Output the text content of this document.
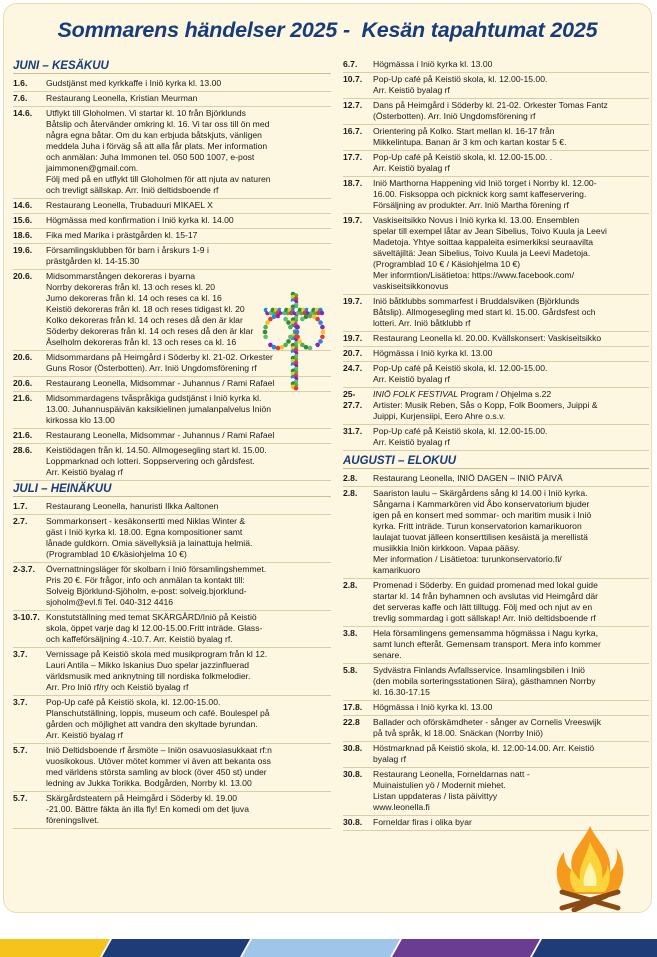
Sommarens händelser 2025 -  Kesän tapahtumat 2025
JUNI – KESÄKUU
1.6.	Gudstjänst med kyrkkaffe i Iniö kyrka kl. 13.00
7.6.	Restaurang Leonella, Kristian Meurman
14.6.	Utflykt till Gloholmen. Vi startar kl. 10 från Björklunds
Båtslip och återvänder omkring kl. 16. Vi tar oss till ön med
några egna båtar. Om du kan erbjuda båtskjuts, vänligen
meddela Juha i förväg så att alla får plats. Mer information
och anmälan: Juha Immonen tel. 050 500 1007, e-post
jaimmonen@gmail.com.
Följ med på en utflykt till Gloholmen för att njuta av naturen
och trevligt sällskap. Arr. Iniö deltidsboende rf
14.6.	Restaurang Leonella, Trubaduuri MIKAEL X
15.6.	Högmässa med konfirmation i Iniö kyrka kl. 14.00
18.6.	Fika med Marika i prästgården kl. 15-17
19.6.	Församlingsklubben för barn i årskurs 1-9 i
prästgården kl. 14-15.30
20.6.	Midsommarstången dekoreras i byarna
Norrby dekoreras från kl. 13 och reses kl. 20
Jumo dekoreras från kl. 14 och reses ca kl. 16
Keistiö dekoreras från kl. 18 och reses tidigast kl. 20
Kolko dekoreras från kl. 14 och reses då den är klar
Söderby dekoreras från kl. 14 och reses då den är klar
Åselholm dekoreras från kl. 13 och reses ca kl. 16
20.6.	Midsommardans på Heimgård i Söderby kl. 21-02. Orkester
Guns Rosor (Österbotten). Arr. Iniö Ungdomsförening rf
20.6.	Restaurang Leonella, Midsommar - Juhannus / Rami Rafael
21.6.	Midsommardagens tvåspråkiga gudstjänst i Iniö kyrka kl.
13.00. Juhannuspäivän kaksikielinen jumalanpalvelus Iniön
kirkossa klo 13.00
21.6.	Restaurang Leonella, Midsommar - Juhannus / Rami Rafael
28.6.	Keistiödagen från kl. 14.50. Allmogesegling start kl. 15.00.
Loppmarknad och lotteri. Soppservering och gårdsfest.
Arr. Keistiö byalag rf
JULI – HEINÄKUU
1.7.	Restaurang Leonella, hanuristi Ilkka Aaltonen
2.7.	Sommarkonsert - kesäkonsertti med Niklas Winter &
gäst i Iniö kyrka kl. 18.00. Egna kompositioner samt
lånade guldkorn. Omia sävellyksiä ja lainattuja helmiä.
(Programblad 10 €/käsiohjelma 10 €)
2-3.7.	Övernattningsläger för skolbarn i Iniö församlingshemmet.
Pris 20 €. För frågor, info och anmälan ta kontakt till:
Solveig Björklund-Sjöholm, e-post: solveig.bjorklund-
sjoholm@evl.fi Tel. 040-312 4416
3-10.7. Konstutställning med temat SKÄRGÅRD/Iniö på Keistiö
skola, öppet varje dag kl 12.00-15.00.Fritt inträde. Glass-
och kaffeförsäljning 4.-10.7. Arr. Keistiö byalag rf.
3.7.	Vernissage på Keistiö skola med musikprogram från kl 12.
Lauri Antila – Mikko Iskanius Duo spelar jazzinfluerad
världsmusik med anknytning till nordiska folkmelodier.
Arr. Pro Iniö rf/ry och Keistiö byalag rf
3.7.	Pop-Up café på Keistiö skola, kl. 12.00-15.00.
Planschutställning, loppis, museum och café. Boulespel på
gården och möjlighet att vandra den skyltade byrundan.
Arr. Keistiö byalag rf
5.7.	Iniö Deltidsboende rf årsmöte – Iniön osavuosiasukkaat rf:n
vuosikokous. Utöver mötet kommer vi även att bekanta oss
med världens största samling av block (över 450 st) under
ledning av Jukka Torikka. Bodgården, Norrby kl. 13.00
5.7.	Skärgårdsteatern på Heimgård i Söderby kl. 19.00
-21.00. Bättre fäkta än illa fly! En komedi om det ljuva
föreningslivet.
6.7.	Högmässa i Iniö kyrka kl. 13.00
10.7.	Pop-Up café på Keistiö skola, kl. 12.00-15.00.
Arr. Keistiö byalag rf
12.7.	Dans på Heimgård i Söderby kl. 21-02. Orkester Tomas Fantz
(Österbotten). Arr. Iniö Ungdomsförening rf
16.7.	Orientering på Kolko. Start mellan kl. 16-17 från
Mikkelintupa. Banan är 3 km och kartan kostar 5 €.
17.7.	Pop-Up café på Keistiö skola, kl. 12.00-15.00. .
Arr. Keistiö byalag rf
18.7.	Iniö Marthorna Happening vid Iniö torget i Norrby kl. 12.00-
16.00. Fisksoppa och picknick korg samt kaffeservering.
Försäljning av produkter. Arr. Iniö Martha förening rf
19.7.	Vaskiseitsikko Novus i Iniö kyrka kl. 13.00. Ensemblen
spelar till exempel låtar av Jean Sibelius, Toivo Kuula ja Leevi
Madetoja. Yhtye soittaa kappaleita esimerkiksi seuraavilta
säveltäjiltä: Jean Sibelius, Toivo Kuula ja Leevi Madetoja.
(Programblad 10 € / Käsiohjelma 10 €)
Mer informtion/Lisätietoa: https://www.facebook.com/
vaskiseitsikkonovus
19.7.	Iniö båtklubbs sommarfest i Bruddalsviken (Björklunds
Båtslip). Allmogesegling med start kl. 15.00. Gårdsfest och
lotteri. Arr. Iniö båtklubb rf
19.7.	Restaurang Leonella kl. 20.00. Kvällskonsert: Vaskiseitsikko
20.7.	Högmässa i Iniö kyrka kl. 13.00
24.7.	Pop-Up café på Keistiö skola, kl. 12.00-15.00.
Arr. Keistiö byalag rf
25-27.7.
INIÖ FOLK FESTIVAL Program / Ohjelma s.22
Artister: Musik Reben, Sås o Kopp, Folk Boomers, Juippi &
Juippi, Kurjensiipi, Eero Ahre o.s.v.
31.7.	Pop-Up café på Keistiö skola, kl. 12.00-15.00.
Arr. Keistiö byalag rf
AUGUSTI – ELOKUU
2.8.	Restaurang Leonella, INIÖ DAGEN – INIÖ PÄIVÄ
2.8.	Saariston laulu – Skärgårdens sång kl 14.00 i Iniö kyrka.
Sångarna i Kammarkören vid Åbo konservatorium bjuder
igen på en konsert med sommar- och maritim musik i Iniö
kyrka. Fritt inträde. Turun konservatorion kamarikuoron
laulajat tuovat jälleen konserttilisen kesäistä ja merellistä
musiikkia Iniön kirkkoon. Vapaa pääsy.
Mer information / Lisätietoa: turunkonservatorio.fi/
kamarikuoro
2.8.	Promenad i Söderby. En guidad promenad med lokal guide
startar kl. 14 från byhamnen och avslutas vid Heimgård där
det serveras kaffe och lätt tilltugg. Följ med och njut av en
trevlig sommardag i gott sällskap! Arr. Iniö deltidsboende rf
3.8.	Hela församlingens gemensamma högmässa i Nagu kyrka,
samt lunch efteråt. Gemensam transport. Mera info kommer
senare.
5.8.	Sydvästra Finlands Avfallsservice. Insamlingsbilen i Iniö
(den mobila sorteringsstationen Siira), gästhamnen Norrby
kl. 16.30-17.15
17.8.	Högmässa i Iniö kyrka kl. 13.00
22.8	Ballader och oförskämdheter - sånger av Cornelis Vreeswijk
på två språk, kl 18.00. Snäckan (Norrby Iniö)
30.8.	Höstmarknad på Keistiö skola, kl. 12.00-14.00. Arr. Keistiö
byalag rf
30.8.	Restaurang Leonella, Forneldarnas natt -
Muinaistulien yö / Modernit miehet.
Listan uppdateras / lista päivittyy
www.leonella.fi
30.8.	Forneldar firas i olika byar
